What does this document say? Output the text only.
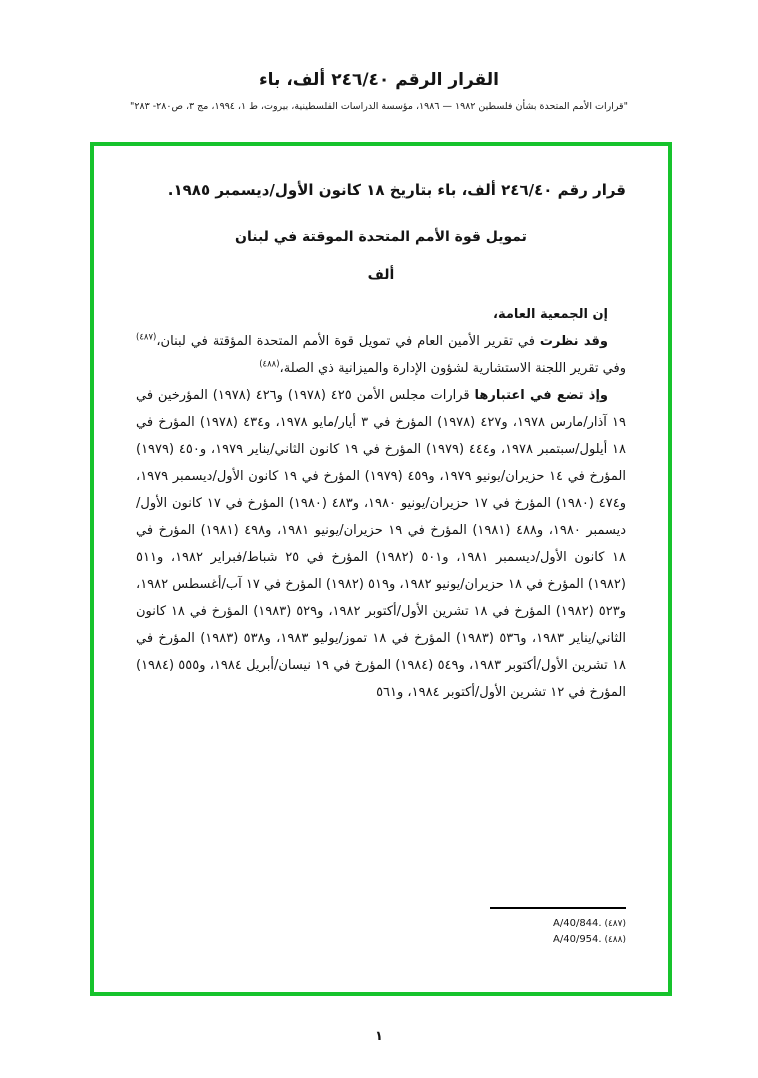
القرار الرقم ٢٤٦/٤٠ ألف، باء
"قرارات الأمم المتحدة بشأن فلسطين ١٩٨٢ — ١٩٨٦، مؤسسة الدراسات الفلسطينية، بيروت، ط ١، ١٩٩٤، مج ٣، ص٢٨٠- ٢٨٣"

قرار رقم ٢٤٦/٤٠ ألف، باء بتاريخ ١٨ كانون الأول/ديسمبر ١٩٨٥.

تمويل قوة الأمم المتحدة الموقتة في لبنان

ألف

إن الجمعية العامة،

وقد نظرت في تقرير الأمين العام في تمويل قوة الأمم المتحدة المؤقتة في لبنان،$^{(٤٨٧)}$ وفي تقرير اللجنة الاستشارية لشؤون الإدارة والميزانية ذي الصلة،$^{(٤٨٨)}$

وإذ تضع في اعتبارها قرارات مجلس الأمن ٤٢٥ (١٩٧٨) و٤٢٦ (١٩٧٨) المؤرخين في ١٩ آذار/مارس ١٩٧٨، و٤٢٧ (١٩٧٨) المؤرخ في ٣ أيار/مايو ١٩٧٨، و٤٣٤ (١٩٧٨) المؤرخ في ١٨ أيلول/سبتمبر ١٩٧٨، و٤٤٤ (١٩٧٩) المؤرخ في ١٩ كانون الثاني/يناير ١٩٧٩، و٤٥٠ (١٩٧٩) المؤرخ في ١٤ حزيران/يونيو ١٩٧٩، و٤٥٩ (١٩٧٩) المؤرخ في ١٩ كانون الأول/ديسمبر ١٩٧٩، و٤٧٤ (١٩٨٠) المؤرخ في ١٧ حزيران/يونيو ١٩٨٠، و٤٨٣ (١٩٨٠) المؤرخ في ١٧ كانون الأول/ديسمبر ١٩٨٠، و٤٨٨ (١٩٨١) المؤرخ في ١٩ حزيران/يونيو ١٩٨١، و٤٩٨ (١٩٨١) المؤرخ في ١٨ كانون الأول/ديسمبر ١٩٨١، و٥٠١ (١٩٨٢) المؤرخ في ٢٥ شباط/فبراير ١٩٨٢، و٥١١ (١٩٨٢) المؤرخ في ١٨ حزيران/يونيو ١٩٨٢، و٥١٩ (١٩٨٢) المؤرخ في ١٧ آب/أغسطس ١٩٨٢، و٥٢٣ (١٩٨٢) المؤرخ في ١٨ تشرين الأول/أكتوبر ١٩٨٢، و٥٢٩ (١٩٨٣) المؤرخ في ١٨ كانون الثاني/يناير ١٩٨٣، و٥٣٦ (١٩٨٣) المؤرخ في ١٨ تموز/يوليو ١٩٨٣، و٥٣٨ (١٩٨٣) المؤرخ في ١٨ تشرين الأول/أكتوبر ١٩٨٣، و٥٤٩ (١٩٨٤) المؤرخ في ١٩ نيسان/أبريل ١٩٨٤، و٥٥٥ (١٩٨٤) المؤرخ في ١٢ تشرين الأول/أكتوبر ١٩٨٤، و٥٦١

(٤٨٧) A/40/844.
(٤٨٨) A/40/954.
١
